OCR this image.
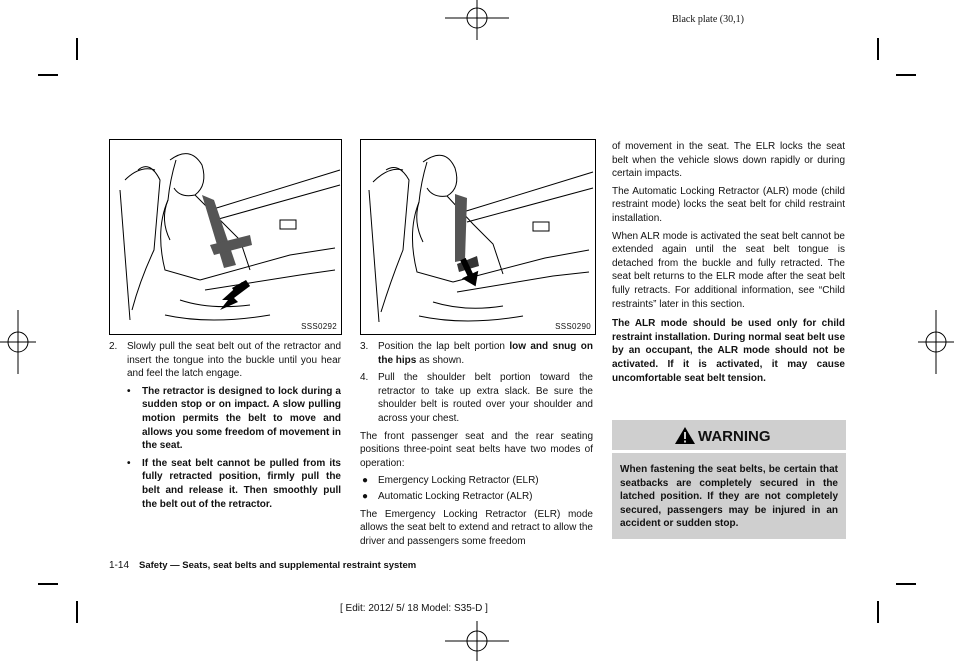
Black plate (30,1)
SSS0292	SSS0290
2. Slowly pull the seat belt out of the retractor and insert the tongue into the buckle until you hear and feel the latch engage.
• The retractor is designed to lock during a sudden stop or on impact. A slow pulling motion permits the belt to move and allows you some freedom of movement in the seat.
• If the seat belt cannot be pulled from its fully retracted position, firmly pull the belt and release it. Then smoothly pull the belt out of the retractor.
3. Position the lap belt portion low and snug on the hips as shown.
4. Pull the shoulder belt portion toward the retractor to take up extra slack. Be sure the shoulder belt is routed over your shoulder and across your chest.

The front passenger seat and the rear seating positions three-point seat belts have two modes of operation:

● Emergency Locking Retractor (ELR)
● Automatic Locking Retractor (ALR)

The Emergency Locking Retractor (ELR) mode allows the seat belt to extend and retract to allow the driver and passengers some freedom

of movement in the seat. The ELR locks the seat belt when the vehicle slows down rapidly or during certain impacts.

The Automatic Locking Retractor (ALR) mode (child restraint mode) locks the seat belt for child restraint installation.

When ALR mode is activated the seat belt cannot be extended again until the seat belt tongue is detached from the buckle and fully retracted. The seat belt returns to the ELR mode after the seat belt fully retracts. For additional information, see “Child restraints” later in this section.

The ALR mode should be used only for child restraint installation. During normal seat belt use by an occupant, the ALR mode should not be activated. If it is activated, it may cause uncomfortable seat belt tension.

WARNING
When fastening the seat belts, be certain that seatbacks are completely secured in the latched position. If they are not completely secured, passengers may be injured in an accident or sudden stop.
1-14 Safety — Seats, seat belts and supplemental restraint system
[ Edit: 2012/ 5/ 18 Model: S35-D ]
